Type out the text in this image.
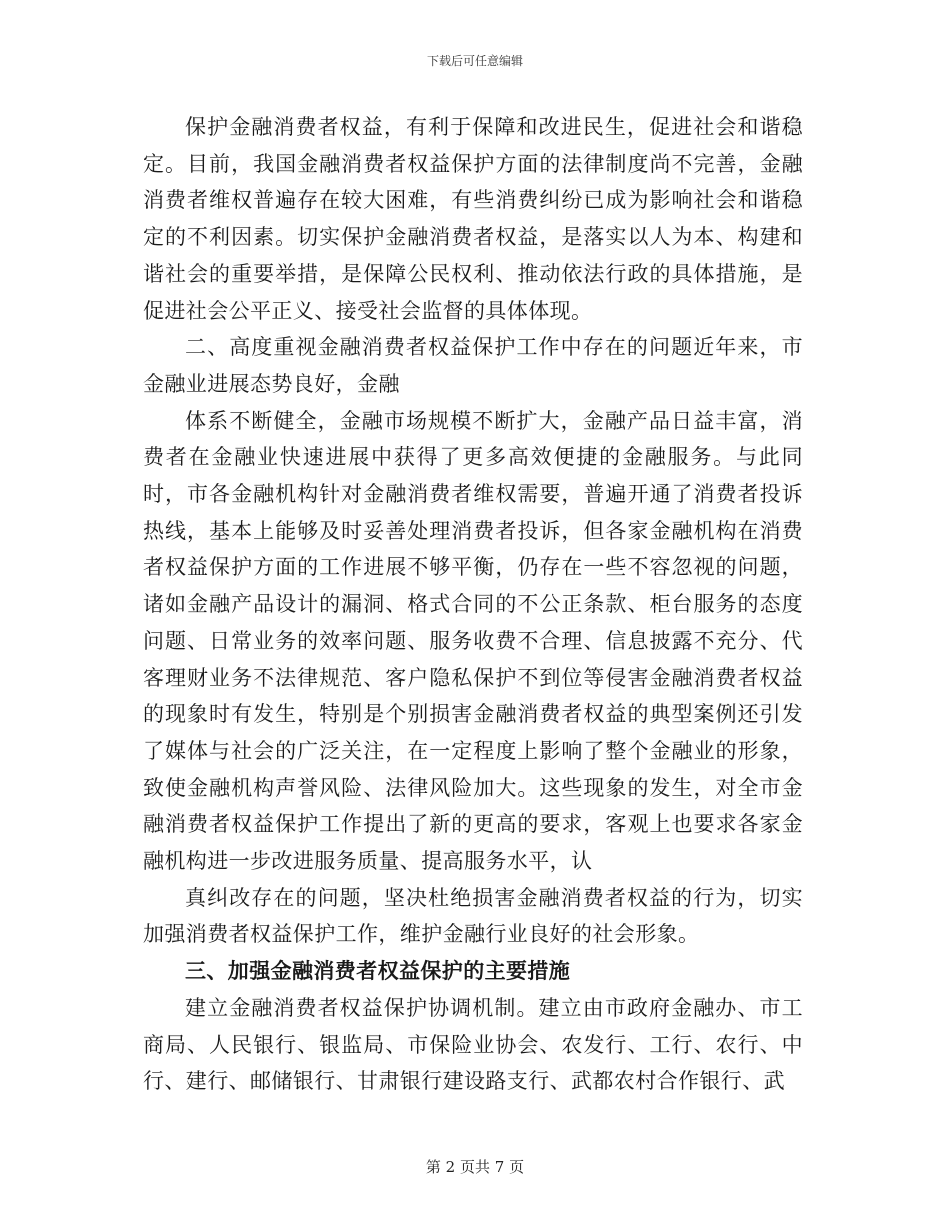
下载后可任意编辑

保护金融消费者权益，有利于保障和改进民生，促进社会和谐稳定。目前，我国金融消费者权益保护方面的法律制度尚不完善，金融消费者维权普遍存在较大困难，有些消费纠纷已成为影响社会和谐稳定的不利因素。切实保护金融消费者权益，是落实以人为本、构建和谐社会的重要举措，是保障公民权利、推动依法行政的具体措施，是促进社会公平正义、接受社会监督的具体体现。

二、高度重视金融消费者权益保护工作中存在的问题近年来，市金融业进展态势良好，金融

体系不断健全，金融市场规模不断扩大，金融产品日益丰富，消费者在金融业快速进展中获得了更多高效便捷的金融服务。与此同时，市各金融机构针对金融消费者维权需要，普遍开通了消费者投诉热线，基本上能够及时妥善处理消费者投诉，但各家金融机构在消费者权益保护方面的工作进展不够平衡，仍存在一些不容忽视的问题，诸如金融产品设计的漏洞、格式合同的不公正条款、柜台服务的态度问题、日常业务的效率问题、服务收费不合理、信息披露不充分、代客理财业务不法律规范、客户隐私保护不到位等侵害金融消费者权益的现象时有发生，特别是个别损害金融消费者权益的典型案例还引发了媒体与社会的广泛关注，在一定程度上影响了整个金融业的形象，致使金融机构声誉风险、法律风险加大。这些现象的发生，对全市金融消费者权益保护工作提出了新的更高的要求，客观上也要求各家金融机构进一步改进服务质量、提高服务水平，认

真纠改存在的问题，坚决杜绝损害金融消费者权益的行为，切实加强消费者权益保护工作，维护金融行业良好的社会形象。

三、加强金融消费者权益保护的主要措施

建立金融消费者权益保护协调机制。建立由市政府金融办、市工商局、人民银行、银监局、市保险业协会、农发行、工行、农行、中行、建行、邮储银行、甘肃银行建设路支行、武都农村合作银行、武

第 2 页共 7 页
